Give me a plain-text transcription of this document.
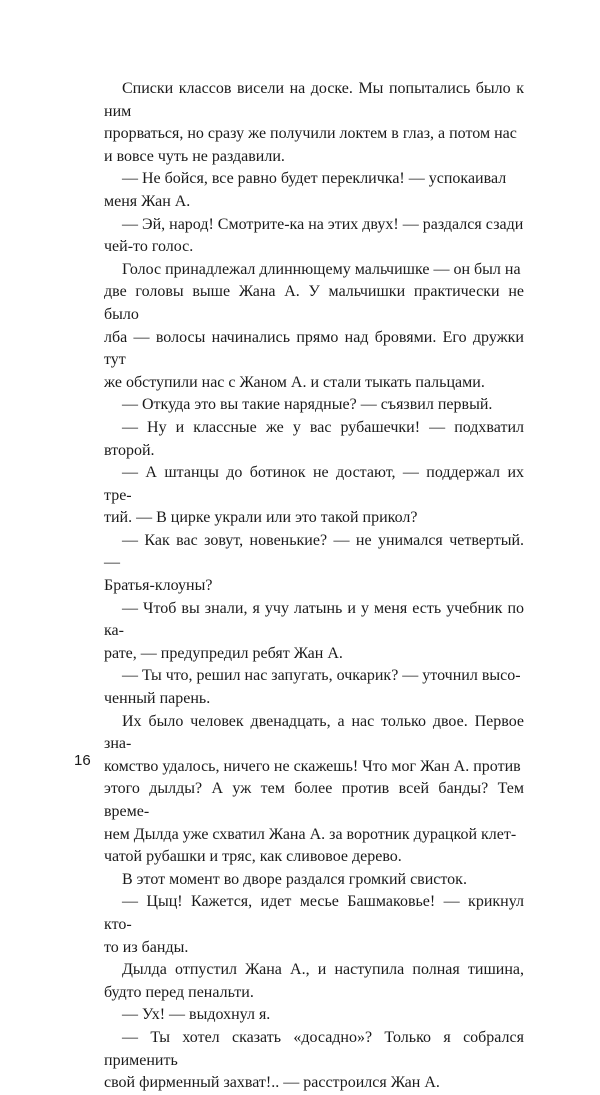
Списки классов висели на доске. Мы попытались было к ним
прорваться, но сразу же получили локтем в глаз, а потом нас
и вовсе чуть не раздавили.

— Не бойся, все равно будет перекличка! — успокаивал
меня Жан А.

— Эй, народ! Смотрите-ка на этих двух! — раздался сзади
чей-то голос.

Голос принадлежал длиннющему мальчишке — он был на
две головы выше Жана А. У мальчишки практически не было
лба — волосы начинались прямо над бровями. Его дружки тут
же обступили нас с Жаном А. и стали тыкать пальцами.

— Откуда это вы такие нарядные? — съязвил первый.

— Ну и классные же у вас рубашечки! — подхватил второй.

— А штанцы до ботинок не достают, — поддержал их тре-
тий. — В цирке украли или это такой прикол?

— Как вас зовут, новенькие? — не унимался четвертый. —
Братья-клоуны?

— Чтоб вы знали, я учу латынь и у меня есть учебник по ка-
рате, — предупредил ребят Жан А.

— Ты что, решил нас запугать, очкарик? — уточнил высо-
ченный парень.

Их было человек двенадцать, а нас только двое. Первое зна-
комство удалось, ничего не скажешь! Что мог Жан А. против
этого дылды? А уж тем более против всей банды? Тем време-
нем Дылда уже схватил Жана А. за воротник дурацкой клет-
чатой рубашки и тряс, как сливовое дерево.

В этот момент во дворе раздался громкий свисток.

— Цыц! Кажется, идет месье Башмаковье! — крикнул кто-
то из банды.

Дылда отпустил Жана А., и наступила полная тишина, будто перед пенальти.

— Ух! — выдохнул я.

— Ты хотел сказать «досадно»? Только я собрался применить
свой фирменный захват!.. — расстроился Жан А.

16
